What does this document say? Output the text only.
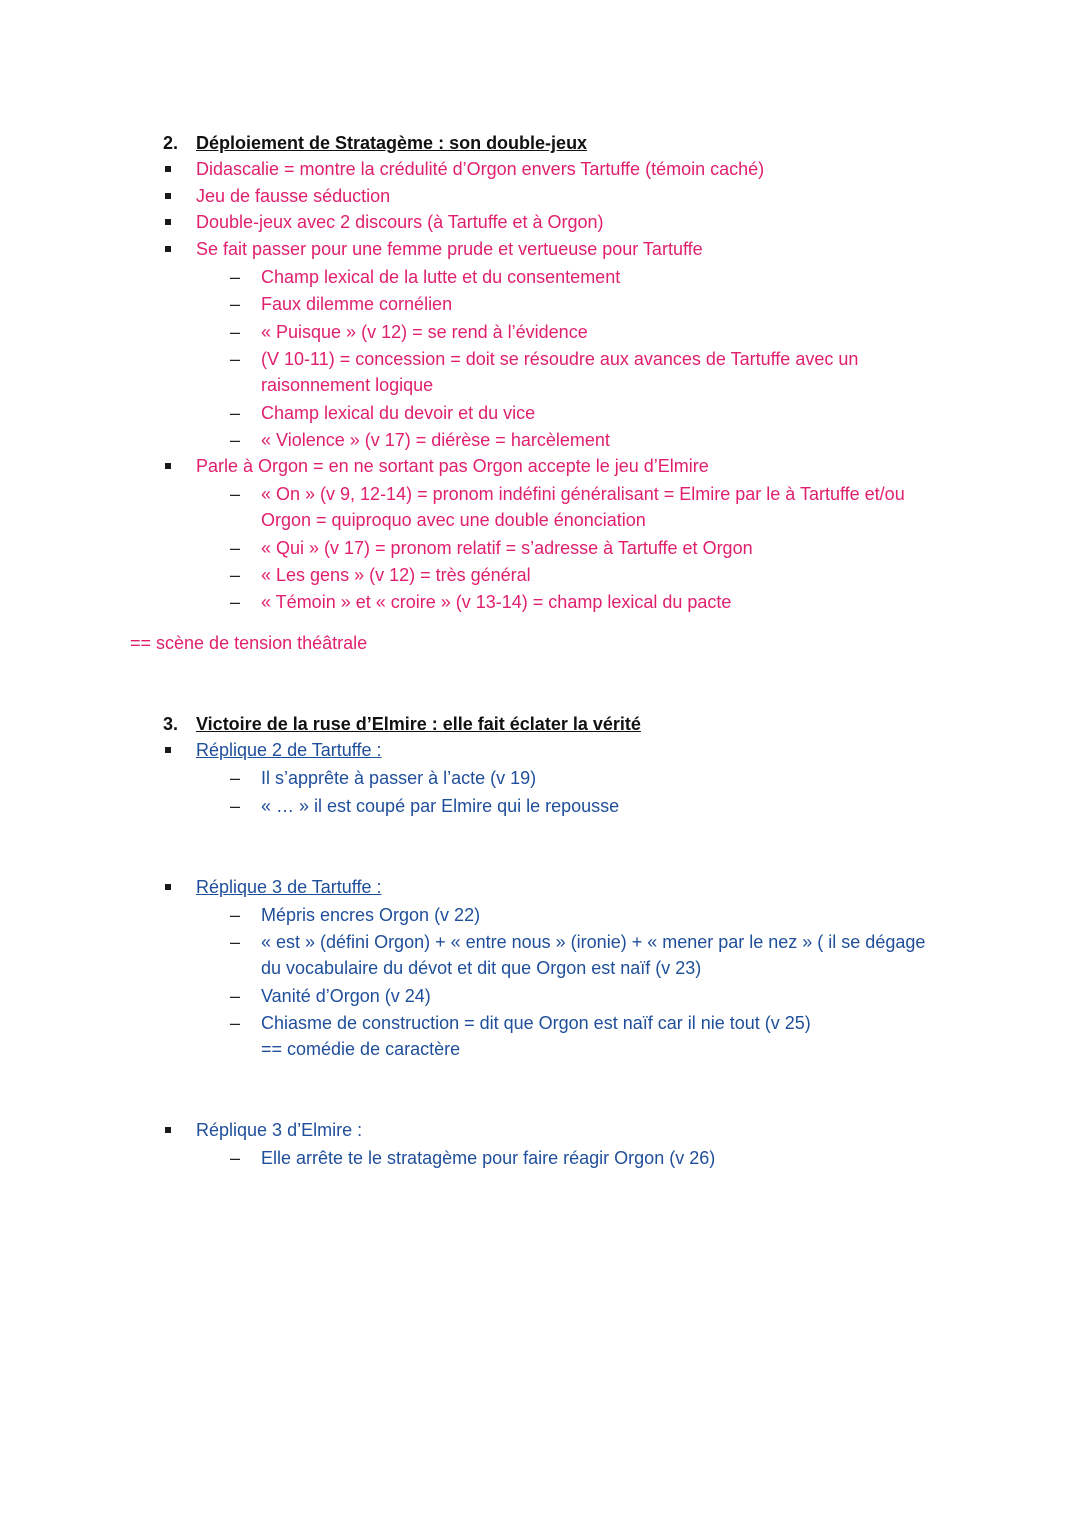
2. Déploiement de Stratagème : son double-jeux
Didascalie = montre la crédulité d’Orgon envers Tartuffe (témoin caché)
Jeu de fausse séduction
Double-jeux avec 2 discours (à Tartuffe et à Orgon)
Se fait passer pour une femme prude et vertueuse pour Tartuffe
– Champ lexical de la lutte et du consentement
– Faux dilemme cornélien
– « Puisque » (v 12) = se rend à l’évidence
– (V 10-11) = concession = doit se résoudre aux avances de Tartuffe avec un
raisonnement logique
– Champ lexical du devoir et du vice
– « Violence » (v 17) = diérèse = harcèlement
Parle à Orgon = en ne sortant pas Orgon accepte le jeu d’Elmire
– « On » (v 9, 12-14) = pronom indéfini généralisant = Elmire par le à Tartuffe et/ou
Orgon = quiproquo avec une double énonciation
– « Qui » (v 17) = pronom relatif = s’adresse à Tartuffe et Orgon
– « Les gens » (v 12) = très général
– « Témoin » et « croire » (v 13-14) = champ lexical du pacte
== scène de tension théâtrale
3. Victoire de la ruse d’Elmire : elle fait éclater la vérité
Réplique 2 de Tartuffe :
– Il s’apprête à passer à l’acte (v 19)
– « … » il est coupé par Elmire qui le repousse
Réplique 3 de Tartuffe :
– Mépris encres Orgon (v 22)
– « est » (défini Orgon) + « entre nous » (ironie) + « mener par le nez » ( il se dégage
du vocabulaire du dévot et dit que Orgon est naïf (v 23)
– Vanité d’Orgon (v 24)
– Chiasme de construction = dit que Orgon est naïf car il nie tout (v 25)
== comédie de caractère
Réplique 3 d’Elmire :
– Elle arrête te le stratagème pour faire réagir Orgon (v 26)
